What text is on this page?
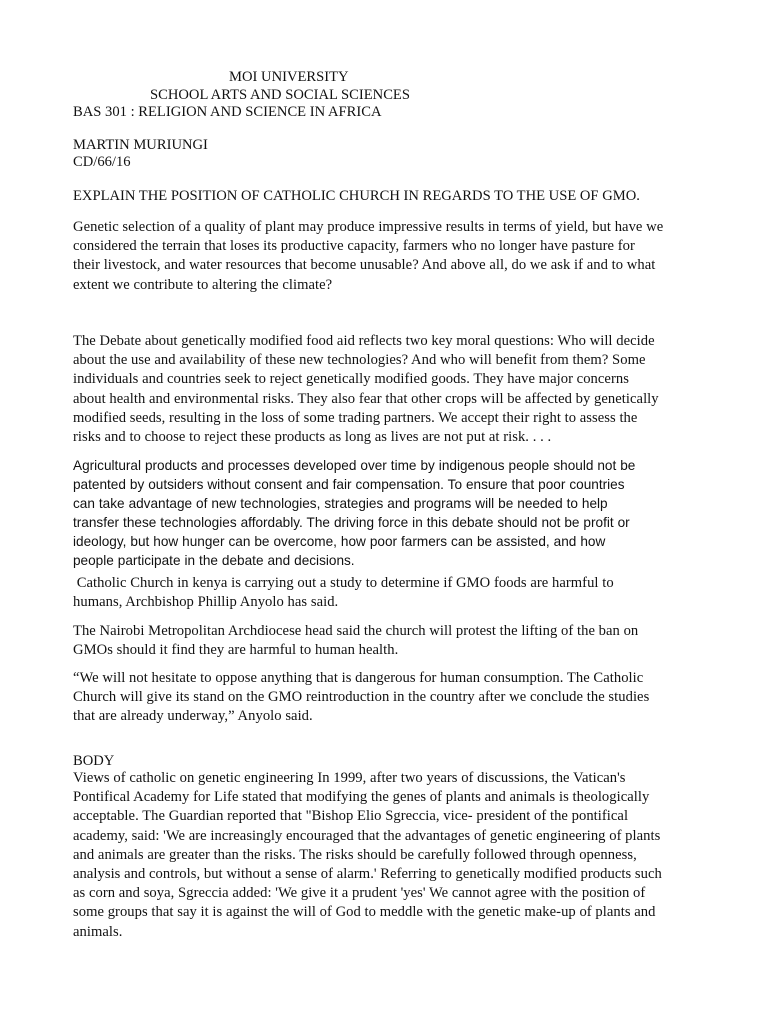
MOI UNIVERSITY
SCHOOL ARTS AND SOCIAL SCIENCES
BAS 301 : RELIGION AND SCIENCE IN AFRICA
MARTIN MURIUNGI
CD/66/16
EXPLAIN THE POSITION OF CATHOLIC CHURCH IN REGARDS TO THE USE OF GMO.
Genetic selection of a quality of plant may produce impressive results in terms of yield, but have we
considered the terrain that loses its productive capacity, farmers who no longer have pasture for
their livestock, and water resources that become unusable? And above all, do we ask if and to what
extent we contribute to altering the climate?
The Debate about genetically modified food aid reflects two key moral questions: Who will decide
about the use and availability of these new technologies? And who will benefit from them? Some
individuals and countries seek to reject genetically modified goods. They have major concerns
about health and environmental risks. They also fear that other crops will be affected by genetically
modified seeds, resulting in the loss of some trading partners. We accept their right to assess the
risks and to choose to reject these products as long as lives are not put at risk. . . .
Agricultural products and processes developed over time by indigenous people should not be
patented by outsiders without consent and fair compensation. To ensure that poor countries
can take advantage of new technologies, strategies and programs will be needed to help
transfer these technologies affordably. The driving force in this debate should not be profit or
ideology, but how hunger can be overcome, how poor farmers can be assisted, and how
people participate in the debate and decisions.
Catholic Church in kenya is carrying out a study to determine if GMO foods are harmful to
humans, Archbishop Phillip Anyolo has said.
The Nairobi Metropolitan Archdiocese head said the church will protest the lifting of the ban on
GMOs should it find they are harmful to human health.
“We will not hesitate to oppose anything that is dangerous for human consumption. The Catholic
Church will give its stand on the GMO reintroduction in the country after we conclude the studies
that are already underway,” Anyolo said.
BODY
Views of catholic on genetic engineering In 1999, after two years of discussions, the Vatican's
Pontifical Academy for Life stated that modifying the genes of plants and animals is theologically
acceptable. The Guardian reported that "Bishop Elio Sgreccia, vice- president of the pontifical
academy, said: 'We are increasingly encouraged that the advantages of genetic engineering of plants
and animals are greater than the risks. The risks should be carefully followed through openness,
analysis and controls, but without a sense of alarm.' Referring to genetically modified products such
as corn and soya, Sgreccia added: 'We give it a prudent 'yes' We cannot agree with the position of
some groups that say it is against the will of God to meddle with the genetic make-up of plants and
animals.
